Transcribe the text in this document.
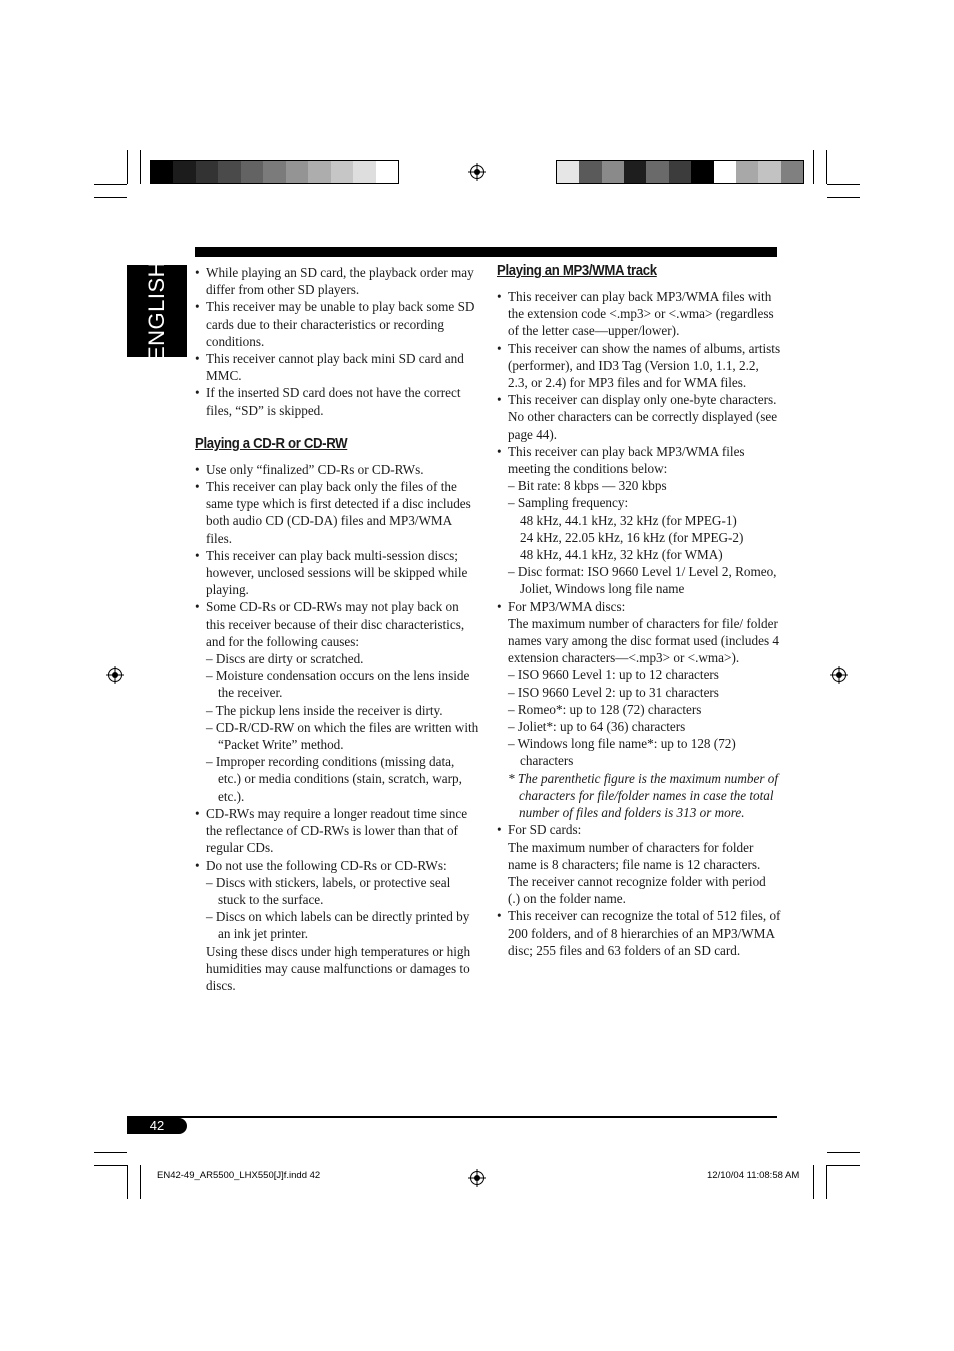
ENGLISH
•	While playing an SD card, the playback order may differ from other SD players.
• This receiver may be unable to play back some SD cards due to their characteristics or recording conditions.
• This receiver cannot play back mini SD card and MMC.
• If the inserted SD card does not have the correct files, “SD” is skipped.
Playing a CD-R or CD-RW
• Use only “finalized” CD-Rs or CD-RWs.
• This receiver can play back only the files of the same type which is first detected if a disc includes both audio CD (CD-DA) files and MP3/WMA files.
• This receiver can play back multi-session discs; however, unclosed sessions will be skipped while playing.
• Some CD-Rs or CD-RWs may not play back on this receiver because of their disc characteristics, and for the following causes:
– Discs are dirty or scratched.
– Moisture condensation occurs on the lens inside the receiver.
– The pickup lens inside the receiver is dirty.
– CD-R/CD-RW on which the files are written with “Packet Write” method.
– Improper recording conditions (missing data, etc.) or media conditions (stain, scratch, warp, etc.).
• CD-RWs may require a longer readout time since the reflectance of CD-RWs is lower than that of regular CDs.
• Do not use the following CD-Rs or CD-RWs:
– Discs with stickers, labels, or protective seal stuck to the surface.
– Discs on which labels can be directly printed by an ink jet printer.
Using these discs under high temperatures or high humidities may cause malfunctions or damages to discs.
Playing an MP3/WMA track
• This receiver can play back MP3/WMA files with the extension code <.mp3> or <.wma> (regardless of the letter case—upper/lower).
• This receiver can show the names of albums, artists (performer), and ID3 Tag (Version 1.0, 1.1, 2.2, 2.3, or 2.4) for MP3 files and for WMA files.
• This receiver can display only one-byte characters. No other characters can be correctly displayed (see page 44).
• This receiver can play back MP3/WMA files meeting the conditions below:
– Bit rate: 8 kbps — 320 kbps
– Sampling frequency:
48 kHz, 44.1 kHz, 32 kHz (for MPEG-1)
24 kHz, 22.05 kHz, 16 kHz (for MPEG-2)
48 kHz, 44.1 kHz, 32 kHz (for WMA)
– Disc format: ISO 9660 Level 1/ Level 2, Romeo, Joliet, Windows long file name
• For MP3/WMA discs:
The maximum number of characters for file/ folder names vary among the disc format used (includes 4 extension characters—<.mp3> or <.wma>).
– ISO 9660 Level 1: up to 12 characters
– ISO 9660 Level 2: up to 31 characters
– Romeo*: up to 128 (72) characters
– Joliet*: up to 64 (36) characters
– Windows long file name*: up to 128 (72) characters
* The parenthetic figure is the maximum number of characters for file/folder names in case the total number of files and folders is 313 or more.
• For SD cards:
The maximum number of characters for folder name is 8 characters; file name is 12 characters.
The receiver cannot recognize folder with period (.) on the folder name.
• This receiver can recognize the total of 512 files, of 200 folders, and of 8 hierarchies of an MP3/WMA disc; 255 files and 63 folders of an SD card.
42
EN42-49_AR5500_LHX550[J]f.indd 42	12/10/04 11:08:58 AM
